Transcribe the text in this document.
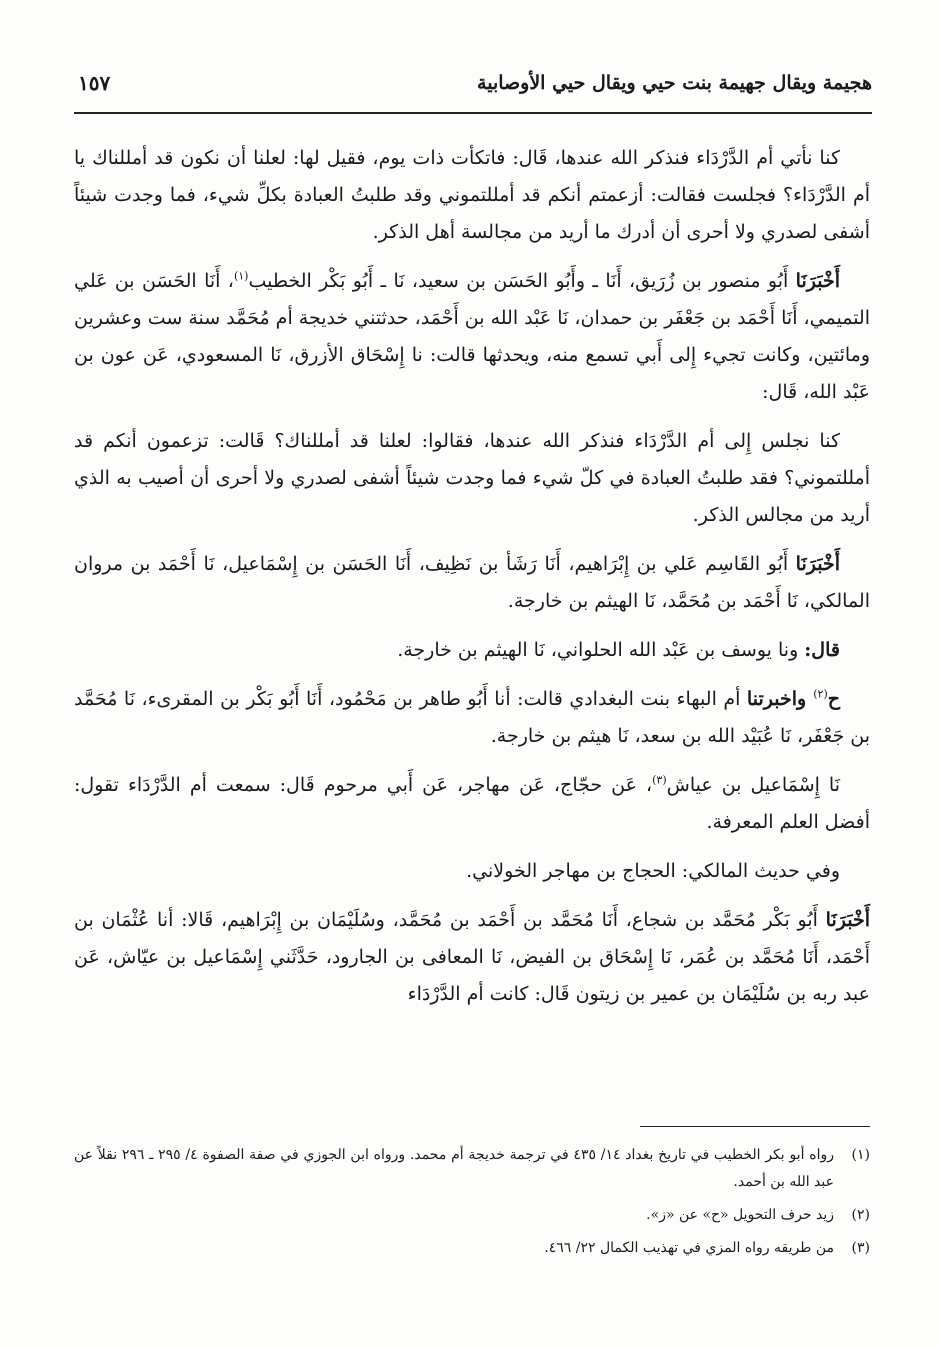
هجيمة ويقال جهيمة بنت حيي ويقال حيي الأوصابية
١٥٧

كنا نأتي أم الدَّرْدَاء فنذكر الله عندها، قَال: فاتكأت ذات يوم، فقيل لها: لعلنا أن نكون قد أمللناك يا أم الدَّرْدَاء؟ فجلست فقالت: أزعمتم أنكم قد أمللتموني وقد طلبتُ العبادة بكلِّ شيء، فما وجدت شيئاً أشفى لصدري ولا أحرى أن أدرك ما أريد من مجالسة أهل الذكر.

أَخْبَرَنَا أَبُو منصور بن زُرَيق، أَنَا ـ وأَبُو الحَسَن بن سعيد، نَا ـ أَبُو بَكْر الخطيب$^{(١)}$، أَنَا الحَسَن بن عَلي التميمي، أَنَا أَحْمَد بن جَعْفَر بن حمدان، نَا عَبْد الله بن أَحْمَد، حدثتني خديجة أم مُحَمَّد سنة ست وعشرين ومائتين، وكانت تجيء إِلى أَبي تسمع منه، ويحدثها قالت: نا إِسْحَاق الأزرق، نَا المسعودي، عَن عون بن عَبْد الله، قَال:

كنا نجلس إِلى أم الدَّرْدَاء فنذكر الله عندها، فقالوا: لعلنا قد أمللناك؟ قَالت: تزعمون أنكم قد أمللتموني؟ فقد طلبتُ العبادة في كلّ شيء فما وجدت شيئاً أشفى لصدري ولا أحرى أن أصيب به الذي أريد من مجالس الذكر.

أَخْبَرَنَا أَبُو القَاسِم عَلي بن إِبْرَاهيم، أَنَا رَشَأ بن نَظِيف، أَنَا الحَسَن بن إِسْمَاعيل، نَا أَحْمَد بن مروان المالكي، نَا أَحْمَد بن مُحَمَّد، نَا الهيثم بن خارجة.

قال: ونا يوسف بن عَبْد الله الحلواني، نَا الهيثم بن خارجة.

ح$^{(٢)}$ واخبرتنا أم البهاء بنت البغدادي قالت: أنا أَبُو طاهر بن مَحْمُود، أَنَا أَبُو بَكْر بن المقرىء، نَا مُحَمَّد بن جَعْفَر، نَا عُبَيْد الله بن سعد، نَا هيثم بن خارجة.

نَا إِسْمَاعيل بن عياش$^{(٣)}$، عَن حجّاج، عَن مهاجر، عَن أَبي مرحوم قَال: سمعت أم الدَّرْدَاء تقول: أفضل العلم المعرفة.

وفي حديث المالكي: الحجاج بن مهاجر الخولاني.

أَخْبَرَنَا أَبُو بَكْر مُحَمَّد بن شجاع، أَنَا مُحَمَّد بن أَحْمَد بن مُحَمَّد، وسُلَيْمَان بن إِبْرَاهيم، قَالا: أنا عُثْمَان بن أَحْمَد، أَنَا مُحَمَّد بن عُمَر، نَا إِسْحَاق بن الفيض، نَا المعافى بن الجارود، حَدَّثَني إِسْمَاعيل بن عيّاش، عَن عبد ربه بن سُلَيْمَان بن عمير بن زيتون قَال: كانت أم الدَّرْدَاء

(١)
رواه أبو بكر الخطيب في تاريخ بغداد ١٤/ ٤٣٥ في ترجمة خديجة أم محمد. ورواه ابن الجوزي في صفة الصفوة ٤/ ٢٩٥ ـ ٢٩٦ نقلاً عن عبد الله بن أحمد.
(٢)
زيد حرف التحويل «ح» عن «ز».
(٣)
من طريقه رواه المزي في تهذيب الكمال ٢٢/ ٤٦٦.
